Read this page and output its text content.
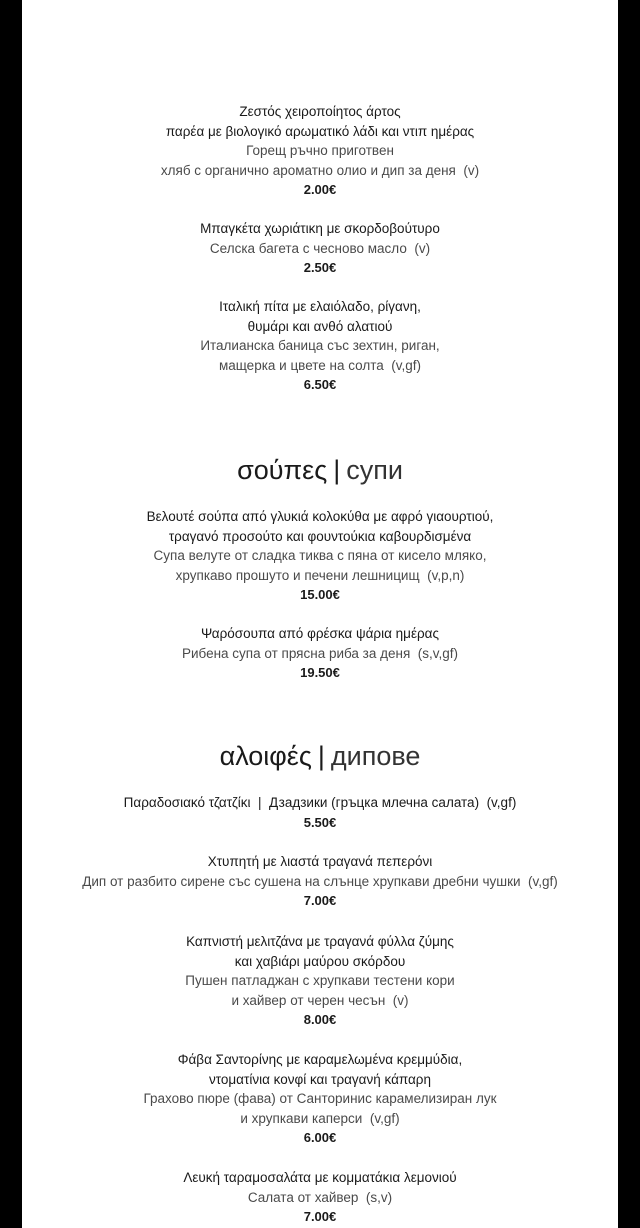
Ζεστός χειροποίητος άρτος
παρέα με βιολογικό αρωματικό λάδι και ντιπ ημέρας
Горещ ръчно приготвен
хляб с органично ароматно олио и дип за деня  (v)
2.00€
Μπαγκέτα χωριάτικη με σκορδοβούτυρο
Селска багета с чесново масло  (v)
2.50€
Ιταλική πίτα με ελαιόλαδο, ρίγανη,
θυμάρι και ανθό αλατιού
Италианска баница със зехтин, риган,
мащерка и цвете на солта  (v,gf)
6.50€
σούπες | супи
Βελουτέ σούπα από γλυκιά κολοκύθα με αφρό γιαουρτιού,
τραγανό προσούτο και φουντούκια καβουρδισμένα
Супа велуте от сладка тиква с пяна от кисело мляко,
хрупкаво прошуто и печени лешницищ  (v,p,n)
15.00€
Ψαρόσουπα από φρέσκα ψάρια ημέρας
Рибена супа от прясна риба за деня  (s,v,gf)
19.50€
αλοιφές | дипове
Παραδοσιακό τζατζίκι  |  Дзадзики (гръцка млечна салата)  (v,gf)
5.50€
Χτυπητή με λιαστά τραγανά πεπερόνι
Дип от разбито сирене със сушена на слънце хрупкави дребни чушки  (v,gf)
7.00€
Καπνιστή μελιτζάνα με τραγανά φύλλα ζύμης
και χαβιάρι μαύρου σκόρδου
Пушен патладжан с хрупкави тестени кори
и хайвер от черен чесън  (v)
8.00€
Φάβα Σαντορίνης με καραμελωμένα κρεμμύδια,
ντοματίνια κονφί και τραγανή κάπαρη
Грахово пюре (фава) от Санторинис карамелизиран лук
и хрупкави каперси  (v,gf)
6.00€
Λευκή ταραμοσαλάτα με κομματάκια λεμονιού
Салата от хайвер  (s,v)
7.00€
